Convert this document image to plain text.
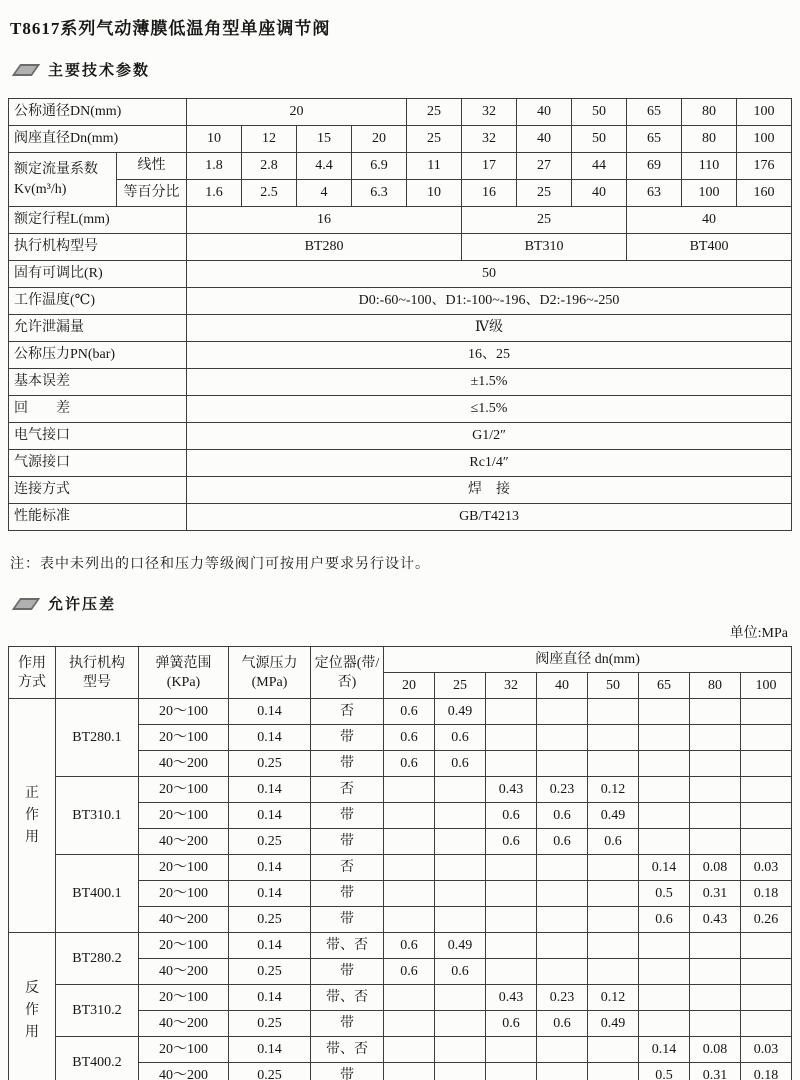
T8617系列气动薄膜低温角型单座调节阀
主要技术参数
公称通径DN(mm)		20				25	32	40	50	65	80	100
阀座直径Dn(mm)		10	12	15	20	25	32	40	50	65	80	100
额定流量系数Kv(m³/h)	线性	1.8	2.8	4.4	6.9	11	17	27	44	69	110	176
	等百分比	1.6	2.5	4	6.3	10	16	25	40	63	100	160
额定行程L(mm)		16					25			40		
执行机构型号		BT280					BT310			BT400		
固有可调比(R)		50										
工作温度(℃)		D0:-60~-100、D1:-100~-196、D2:-196~-250										
允许泄漏量		Ⅳ级										
公称压力PN(bar)		16、25										
基本误差		±1.5%										
回　　差		≤1.5%										
电气接口		G1/2″										
气源接口		Rc1/4″										
连接方式		焊　接										
性能标准		GB/T4213										
注：表中未列出的口径和压力等级阀门可按用户要求另行设计。
允许压差
单位:MPa
作用方式	执行机构型号	弹簧范围(KPa)	气源压力(MPa)	定位器(带/否)	阀座直径 dn(mm)							
					20	25	32	40	50	65	80	100
正作用	BT280.1	20～100	0.14	否	0.6	0.49						
		20～100	0.14	带	0.6	0.6						
		40～200	0.25	带	0.6	0.6						
	BT310.1	20～100	0.14	否			0.43	0.23	0.12			
		20～100	0.14	带			0.6	0.6	0.49			
		40～200	0.25	带			0.6	0.6	0.6			
	BT400.1	20～100	0.14	否						0.14	0.08	0.03
		20～100	0.14	带						0.5	0.31	0.18
		40～200	0.25	带						0.6	0.43	0.26
反作用	BT280.2	20～100	0.14	带、否	0.6	0.49						
		40～200	0.25	带	0.6	0.6						
	BT310.2	20～100	0.14	带、否			0.43	0.23	0.12			
		40～200	0.25	带			0.6	0.6	0.49			
	BT400.2	20～100	0.14	带、否						0.14	0.08	0.03
		40～200	0.25	带						0.5	0.31	0.18
